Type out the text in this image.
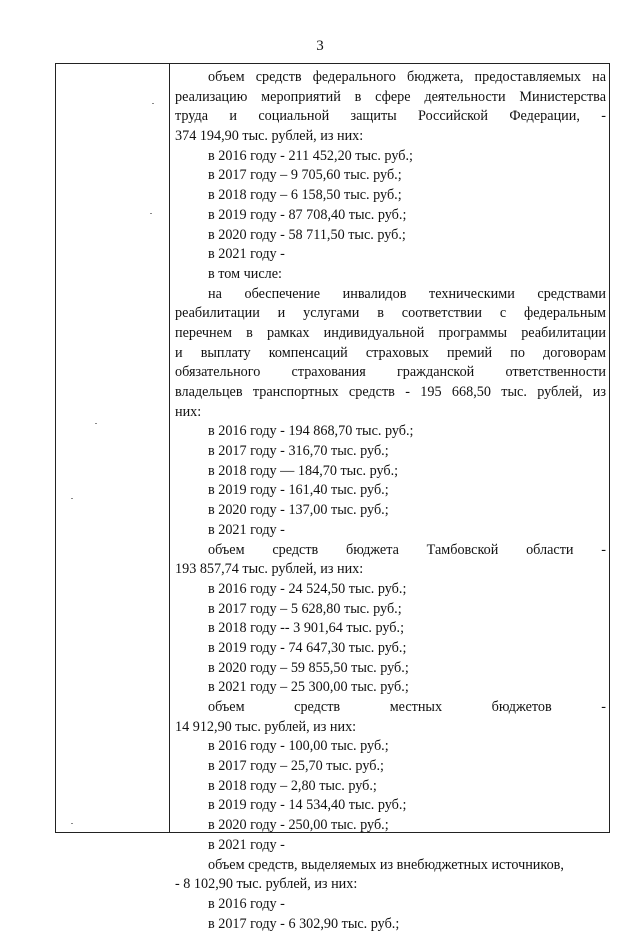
3
объем средств федерального бюджета, предоставляемых на
реализацию мероприятий в сфере деятельности Министерства
труда и социальной защиты Российской Федерации, -
374 194,90 тыс. рублей, из них:
в 2016 году - 211 452,20 тыс. руб.;
в 2017 году – 9 705,60 тыс. руб.;
в 2018 году – 6 158,50 тыс. руб.;
в 2019 году - 87 708,40 тыс. руб.;
в 2020 году - 58 711,50 тыс. руб.;
в 2021 году -
в том числе:
на обеспечение инвалидов техническими средствами
реабилитации и услугами в соответствии с федеральным
перечнем в рамках индивидуальной программы реабилитации
и выплату компенсаций страховых премий по договорам
обязательного страхования гражданской ответственности
владельцев транспортных средств - 195 668,50 тыс. рублей, из
них:
в 2016 году - 194 868,70 тыс. руб.;
в 2017 году - 316,70 тыс. руб.;
в 2018 году — 184,70 тыс. руб.;
в 2019 году - 161,40 тыс. руб.;
в 2020 году - 137,00 тыс. руб.;
в 2021 году -
объем средств бюджета Тамбовской области -
193 857,74 тыс. рублей, из них:
в 2016 году - 24 524,50 тыс. руб.;
в 2017 году – 5 628,80 тыс. руб.;
в 2018 году -- 3 901,64 тыс. руб.;
в 2019 году - 74 647,30 тыс. руб.;
в 2020 году – 59 855,50 тыс. руб.;
в 2021 году – 25 300,00 тыс. руб.;
объем средств местных бюджетов -
14 912,90 тыс. рублей, из них:
в 2016 году - 100,00 тыс. руб.;
в 2017 году – 25,70 тыс. руб.;
в 2018 году – 2,80 тыс. руб.;
в 2019 году - 14 534,40 тыс. руб.;
в 2020 году - 250,00 тыс. руб.;
в 2021 году -
объем средств, выделяемых из внебюджетных источников,
- 8 102,90 тыс. рублей, из них:
в 2016 году -
в 2017 году - 6 302,90 тыс. руб.;
